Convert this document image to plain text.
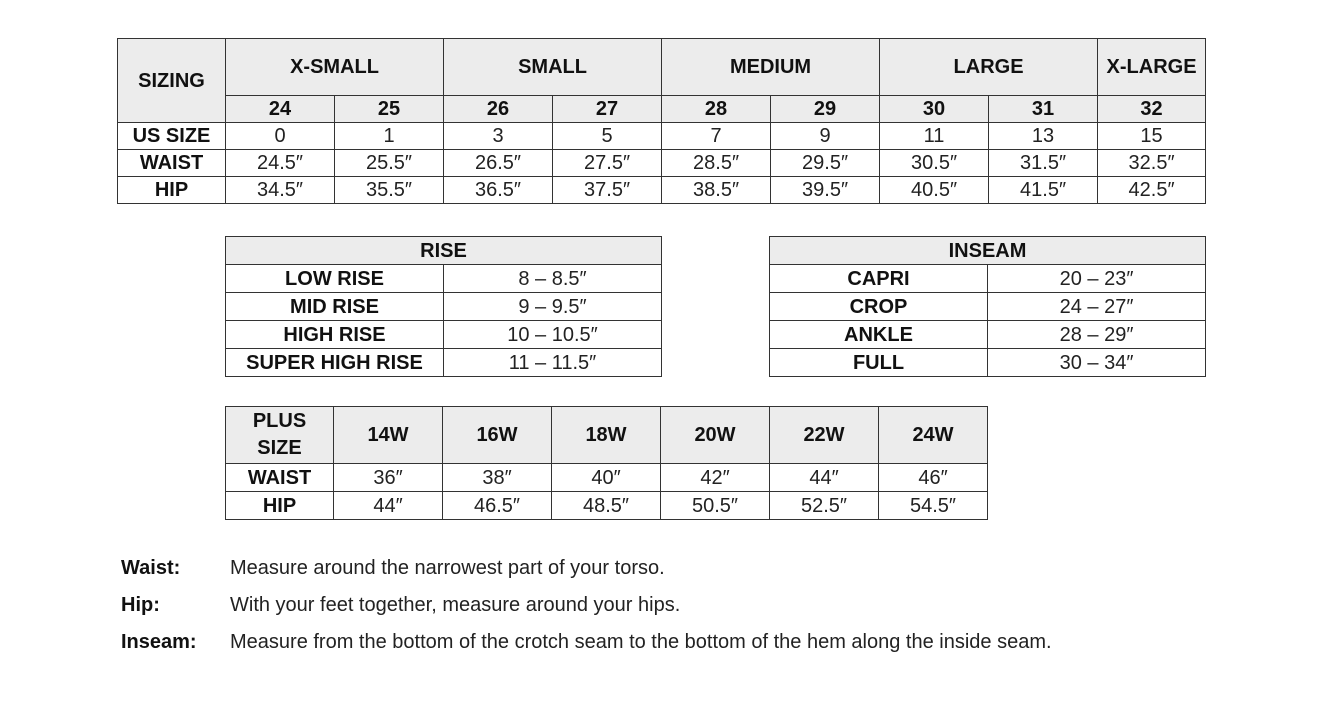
SIZING	X-SMALL		SMALL		MEDIUM		LARGE		X-LARGE
	24	25	26	27	28	29	30	31	32
US SIZE	0	1	3	5	7	9	11	13	15
WAIST	24.5″	25.5″	26.5″	27.5″	28.5″	29.5″	30.5″	31.5″	32.5″
HIP	34.5″	35.5″	36.5″	37.5″	38.5″	39.5″	40.5″	41.5″	42.5″
RISE	
LOW RISE	8 – 8.5″
MID RISE	9 – 9.5″
HIGH RISE	10 – 10.5″
SUPER HIGH RISE	11 – 11.5″
INSEAM	
CAPRI	20 – 23″
CROP	24 – 27″
ANKLE	28 – 29″
FULL	30 – 34″
PLUS
SIZE	14W	16W	18W	20W	22W	24W
WAIST	36″	38″	40″	42″	44″	46″
HIP	44″	46.5″	48.5″	50.5″	52.5″	54.5″
Waist:	Measure around the narrowest part of your torso.
Hip:	With your feet together, measure around your hips.
Inseam:	Measure from the bottom of the crotch seam to the bottom of the hem along the inside seam.
